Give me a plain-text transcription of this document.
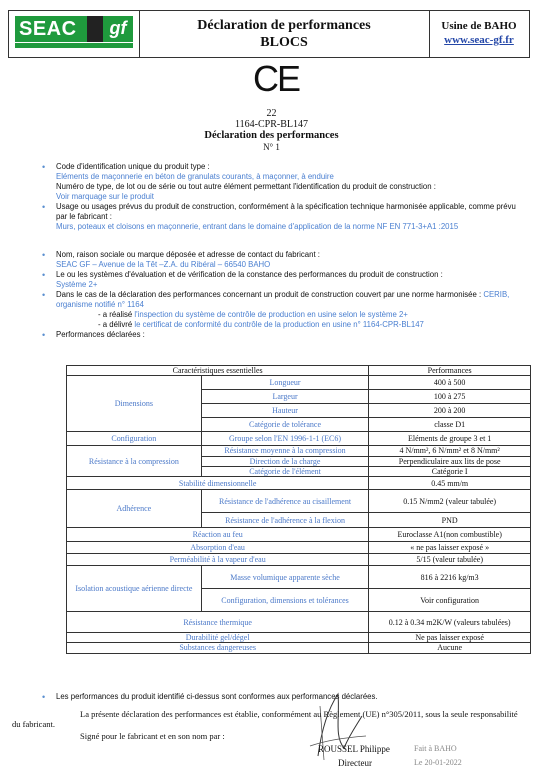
SEAC	gf	Déclaration de performances
BLOCS
Usine de BAHO
www.seac-gf.fr
CE
22
1164-CPR-BL147
Déclaration des performances
N° 1
• Code d'identification unique du produit type :
Eléments de maçonnerie en béton de granulats courants, à maçonner, à enduire
Numéro de type, de lot ou de série ou tout autre élément permettant l'identification du produit de construction :
Voir marquage sur le produit
• Usage ou usages prévus du produit de construction, conformément à la spécification technique harmonisée applicable, comme prévu par le fabricant :
Murs, poteaux et cloisons en maçonnerie, entrant dans le domaine d'application de la norme NF EN 771-3+A1 :2015
• Nom, raison sociale ou marque déposée et adresse de contact du fabricant :
SEAC GF – Avenue de la Têt –Z.A. du Ribéral – 66540 BAHO
• Le ou les systèmes d'évaluation et de vérification de la constance des performances du produit de construction :
Système 2+
• Dans le cas de la déclaration des performances concernant un produit de construction couvert par une norme harmonisée : CERIB, organisme notifié n° 1164
- a réalisé l'inspection du système de contrôle de production en usine selon le système 2+
- a délivré le certificat de conformité du contrôle de la production en usine n° 1164-CPR-BL147
• Performances déclarées :
Caractéristiques essentielles		Performances
Dimensions	Longueur	400 à 500
	Largeur	100 à 275
	Hauteur	200 à 200
	Catégorie de tolérance	classe D1
Configuration	Groupe selon l'EN 1996-1-1 (EC6)	Eléments de groupe 3 et 1
Résistance à la compression	Résistance moyenne à la compression	4 N/mm², 6 N/mm² et 8 N/mm²
	Direction de la charge	Perpendiculaire aux lits de pose
	Catégorie de l'élément	Catégorie I
Stabilité dimensionnelle		0.45 mm/m
Adhérence	Résistance de l'adhérence au cisaillement	0.15 N/mm2 (valeur tabulée)
	Résistance de l'adhérence à la flexion	PND
Réaction au feu		Euroclasse A1(non combustible)
Absorption d'eau		« ne pas laisser exposé »
Perméabilité à la vapeur d'eau		5/15 (valeur tabulée)
Isolation acoustique aérienne directe	Masse volumique apparente sèche	816 à 2216 kg/m3
	Configuration, dimensions et tolérances	Voir configuration
Résistance thermique		0.12 à 0.34 m2K/W (valeurs tabulées)
Durabilité gel/dégel		Ne pas laisser exposé
Substances dangereuses		Aucune
• Les performances du produit identifié ci-dessus sont conformes aux performances déclarées.
La présente déclaration des performances est établie, conformément au Règlement (UE) n°305/2011, sous la seule responsabilité du fabricant.
Signé pour le fabricant et en son nom par :
ROUSSEL Philippe
Directeur
Fait à BAHO
Le 20-01-2022
